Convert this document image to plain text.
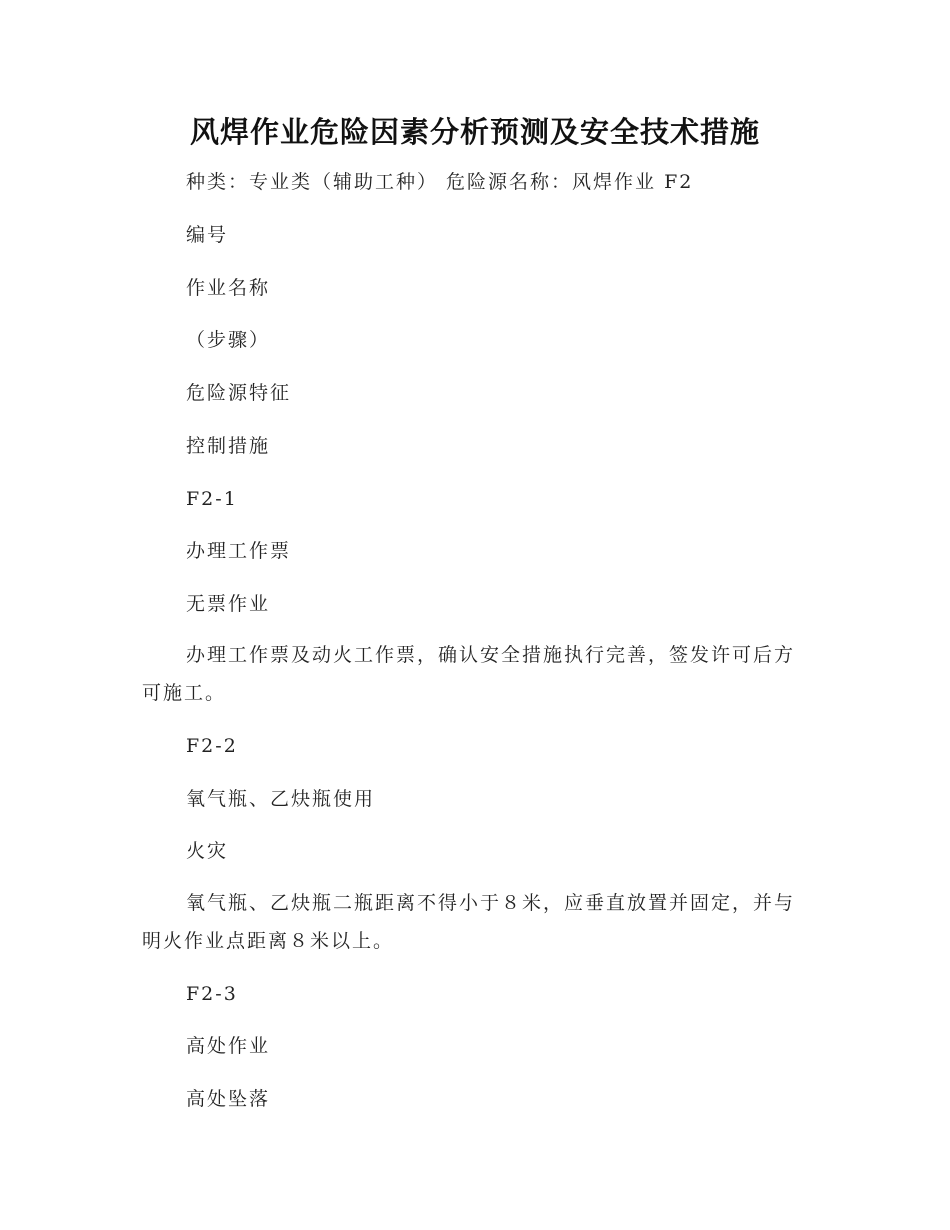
风焊作业危险因素分析预测及安全技术措施
种类：专业类（辅助工种） 危险源名称：风焊作业 F2
编号
作业名称
（步骤）
危险源特征
控制措施
F2-1
办理工作票
无票作业
办理工作票及动火工作票，确认安全措施执行完善，签发许可后方可施工。
F2-2
氧气瓶、乙炔瓶使用
火灾
氧气瓶、乙炔瓶二瓶距离不得小于８米，应垂直放置并固定，并与明火作业点距离８米以上。
F2-3
高处作业
高处坠落
